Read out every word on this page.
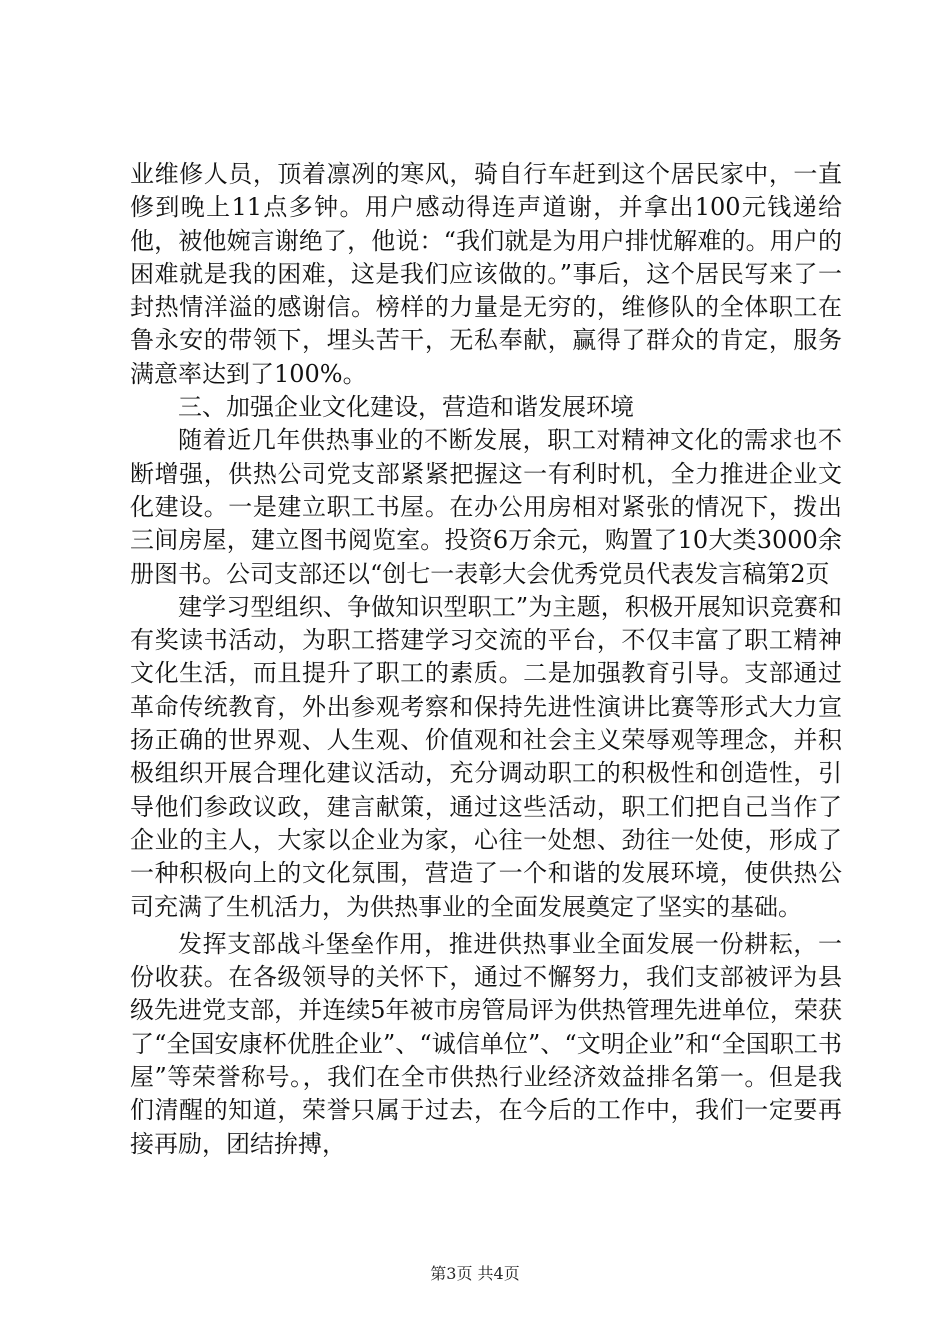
业维修人员，顶着凛冽的寒风，骑自行车赶到这个居民家中，一直修到晚上11点多钟。用户感动得连声道谢，并拿出100元钱递给他，被他婉言谢绝了，他说：“我们就是为用户排忧解难的。用户的困难就是我的困难，这是我们应该做的。”事后，这个居民写来了一封热情洋溢的感谢信。榜样的力量是无穷的，维修队的全体职工在鲁永安的带领下，埋头苦干，无私奉献，赢得了群众的肯定，服务满意率达到了100%。

三、加强企业文化建设，营造和谐发展环境

随着近几年供热事业的不断发展，职工对精神文化的需求也不断增强，供热公司党支部紧紧把握这一有利时机，全力推进企业文化建设。一是建立职工书屋。在办公用房相对紧张的情况下，拨出三间房屋，建立图书阅览室。投资6万余元，购置了10大类3000余册图书。公司支部还以“创七一表彰大会优秀党员代表发言稿第2页

建学习型组织、争做知识型职工”为主题，积极开展知识竞赛和有奖读书活动，为职工搭建学习交流的平台，不仅丰富了职工精神文化生活，而且提升了职工的素质。二是加强教育引导。支部通过革命传统教育，外出参观考察和保持先进性演讲比赛等形式大力宣扬正确的世界观、人生观、价值观和社会主义荣辱观等理念，并积极组织开展合理化建议活动，充分调动职工的积极性和创造性，引导他们参政议政，建言献策，通过这些活动，职工们把自己当作了企业的主人，大家以企业为家，心往一处想、劲往一处使，形成了一种积极向上的文化氛围，营造了一个和谐的发展环境，使供热公司充满了生机活力，为供热事业的全面发展奠定了坚实的基础。

发挥支部战斗堡垒作用，推进供热事业全面发展一份耕耘，一份收获。在各级领导的关怀下，通过不懈努力，我们支部被评为县级先进党支部，并连续5年被市房管局评为供热管理先进单位，荣获了“全国安康杯优胜企业”、“诚信单位”、“文明企业”和“全国职工书屋”等荣誉称号。，我们在全市供热行业经济效益排名第一。但是我们清醒的知道，荣誉只属于过去，在今后的工作中，我们一定要再接再励，团结拚搏，

第3页 共4页
